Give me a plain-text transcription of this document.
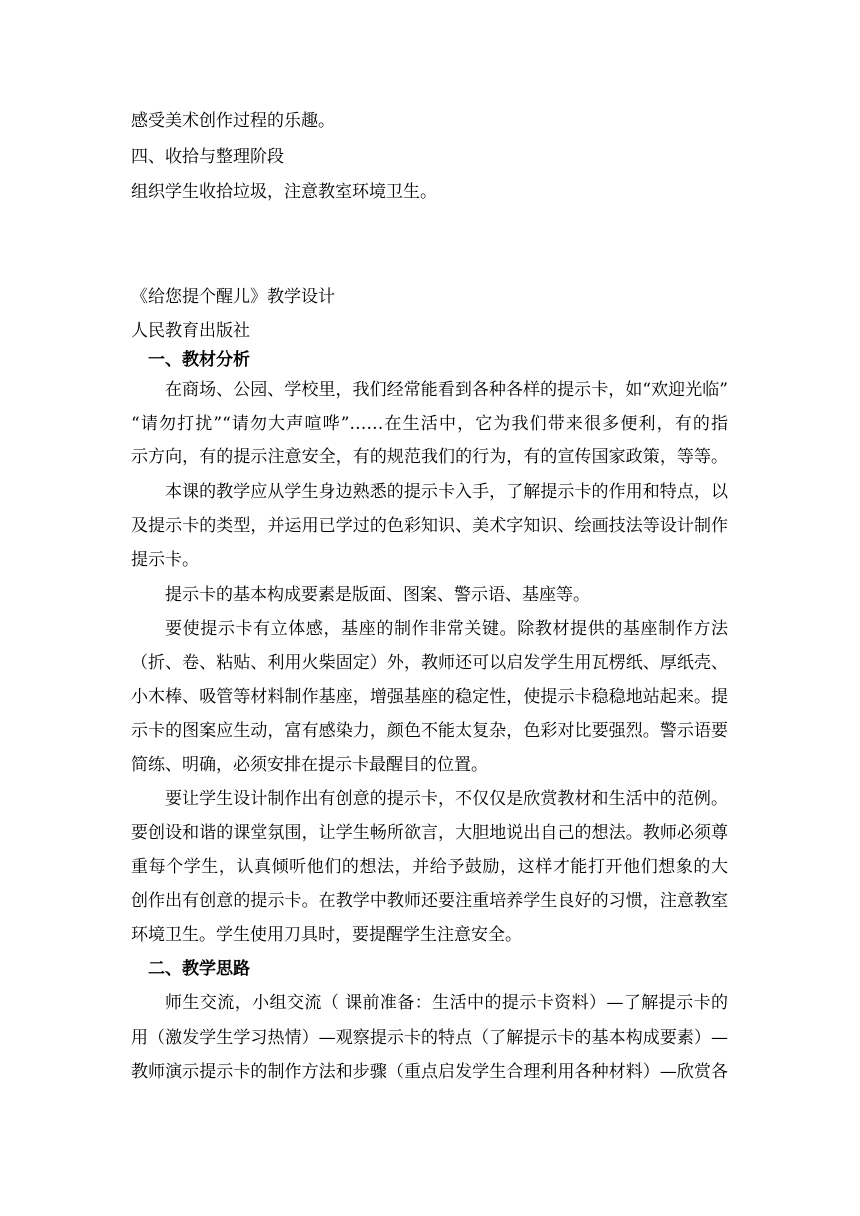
感受美术创作过程的乐趣。
四、收拾与整理阶段
组织学生收拾垃圾，注意教室环境卫生。
《给您提个醒儿》教学设计
人民教育出版社
一、教材分析
在商场、公园、学校里，我们经常能看到各种各样的提示卡，如“欢迎光临”
“请勿打扰”“请勿大声喧哗”……在生活中，它为我们带来很多便利，有的指
示方向，有的提示注意安全，有的规范我们的行为，有的宣传国家政策，等等。
本课的教学应从学生身边熟悉的提示卡入手，了解提示卡的作用和特点，以
及提示卡的类型，并运用已学过的色彩知识、美术字知识、绘画技法等设计制作
提示卡。
提示卡的基本构成要素是版面、图案、警示语、基座等。
要使提示卡有立体感，基座的制作非常关键。除教材提供的基座制作方法
（折、卷、粘贴、利用火柴固定）外，教师还可以启发学生用瓦楞纸、厚纸壳、
小木棒、吸管等材料制作基座，增强基座的稳定性，使提示卡稳稳地站起来。提
示卡的图案应生动，富有感染力，颜色不能太复杂，色彩对比要强烈。警示语要
简练、明确，必须安排在提示卡最醒目的位置。
要让学生设计制作出有创意的提示卡，不仅仅是欣赏教材和生活中的范例。
要创设和谐的课堂氛围，让学生畅所欲言，大胆地说出自己的想法。教师必须尊
重每个学生，认真倾听他们的想法，并给予鼓励，这样才能打开他们想象的大
创作出有创意的提示卡。在教学中教师还要注重培养学生良好的习惯，注意教室
环境卫生。学生使用刀具时，要提醒学生注意安全。
二、教学思路
师生交流，小组交流（ 课前准备：生活中的提示卡资料）—了解提示卡的
用（激发学生学习热情）—观察提示卡的特点（了解提示卡的基本构成要素）—
教师演示提示卡的制作方法和步骤（重点启发学生合理利用各种材料）—欣赏各
